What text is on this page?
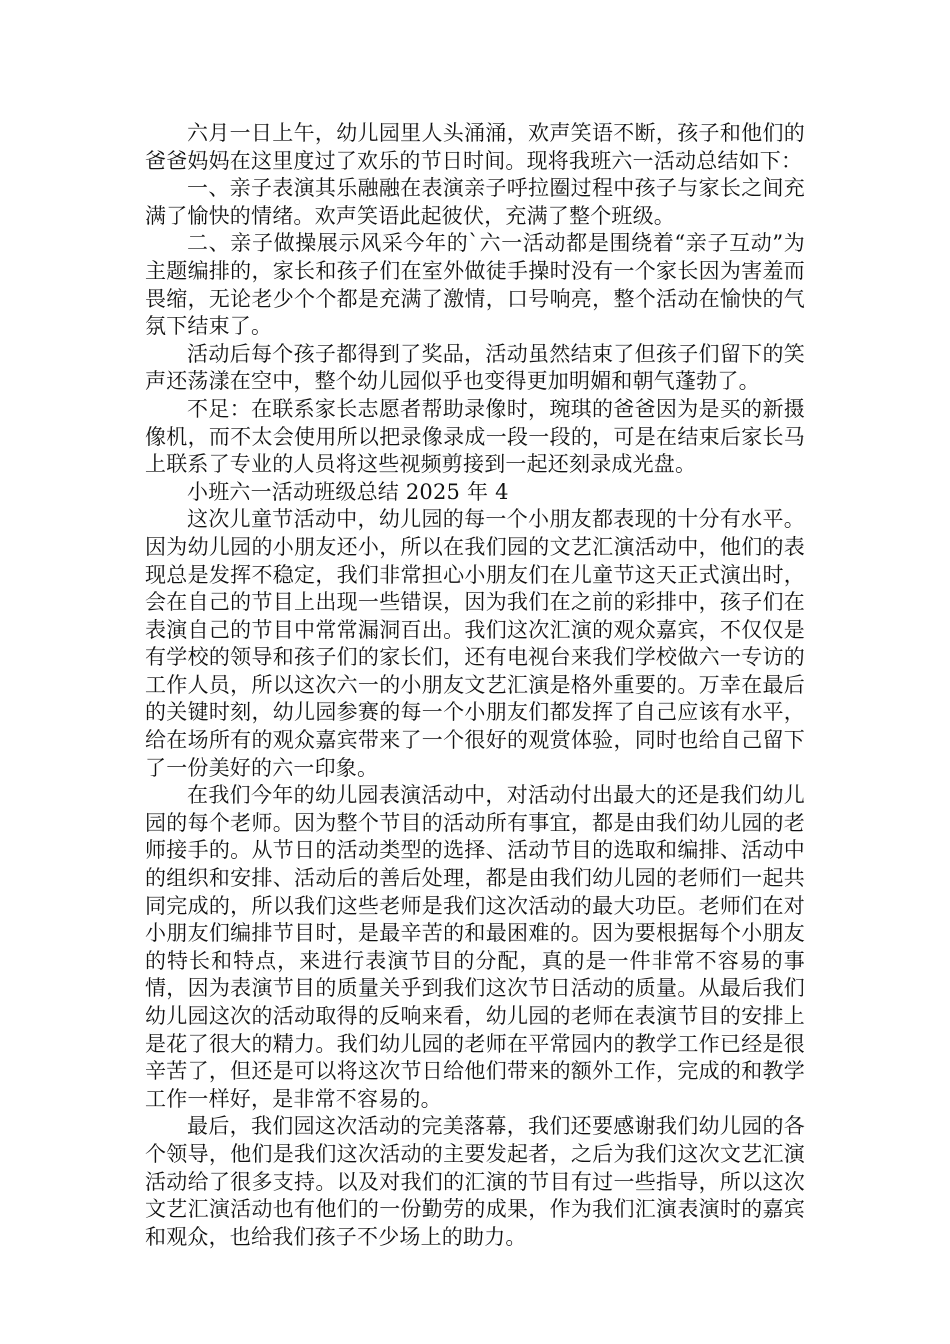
六月一日上午，幼儿园里人头涌涌，欢声笑语不断，孩子和他们的爸爸妈妈在这里度过了欢乐的节日时间。现将我班六一活动总结如下：

一、亲子表演其乐融融在表演亲子呼拉圈过程中孩子与家长之间充满了愉快的情绪。欢声笑语此起彼伏，充满了整个班级。

二、亲子做操展示风采今年的`六一活动都是围绕着“亲子互动”为主题编排的，家长和孩子们在室外做徒手操时没有一个家长因为害羞而畏缩，无论老少个个都是充满了激情，口号响亮，整个活动在愉快的气氛下结束了。

活动后每个孩子都得到了奖品，活动虽然结束了但孩子们留下的笑声还荡漾在空中，整个幼儿园似乎也变得更加明媚和朝气蓬勃了。

不足：在联系家长志愿者帮助录像时，琬琪的爸爸因为是买的新摄像机，而不太会使用所以把录像录成一段一段的，可是在结束后家长马上联系了专业的人员将这些视频剪接到一起还刻录成光盘。

小班六一活动班级总结 2025 年 4

这次儿童节活动中，幼儿园的每一个小朋友都表现的十分有水平。因为幼儿园的小朋友还小，所以在我们园的文艺汇演活动中，他们的表现总是发挥不稳定，我们非常担心小朋友们在儿童节这天正式演出时，会在自己的节目上出现一些错误，因为我们在之前的彩排中，孩子们在表演自己的节目中常常漏洞百出。我们这次汇演的观众嘉宾，不仅仅是有学校的领导和孩子们的家长们，还有电视台来我们学校做六一专访的工作人员，所以这次六一的小朋友文艺汇演是格外重要的。万幸在最后的关键时刻，幼儿园参赛的每一个小朋友们都发挥了自己应该有水平，给在场所有的观众嘉宾带来了一个很好的观赏体验，同时也给自己留下了一份美好的六一印象。

在我们今年的幼儿园表演活动中，对活动付出最大的还是我们幼儿园的每个老师。因为整个节目的活动所有事宜，都是由我们幼儿园的老师接手的。从节日的活动类型的选择、活动节目的选取和编排、活动中的组织和安排、活动后的善后处理，都是由我们幼儿园的老师们一起共同完成的，所以我们这些老师是我们这次活动的最大功臣。老师们在对小朋友们编排节目时，是最辛苦的和最困难的。因为要根据每个小朋友的特长和特点，来进行表演节目的分配，真的是一件非常不容易的事情，因为表演节目的质量关乎到我们这次节日活动的质量。从最后我们幼儿园这次的活动取得的反响来看，幼儿园的老师在表演节目的安排上是花了很大的精力。我们幼儿园的老师在平常园内的教学工作已经是很辛苦了，但还是可以将这次节日给他们带来的额外工作，完成的和教学工作一样好，是非常不容易的。

最后，我们园这次活动的完美落幕，我们还要感谢我们幼儿园的各个领导，他们是我们这次活动的主要发起者，之后为我们这次文艺汇演活动给了很多支持。以及对我们的汇演的节目有过一些指导，所以这次文艺汇演活动也有他们的一份勤劳的成果，作为我们汇演表演时的嘉宾和观众，也给我们孩子不少场上的助力。
